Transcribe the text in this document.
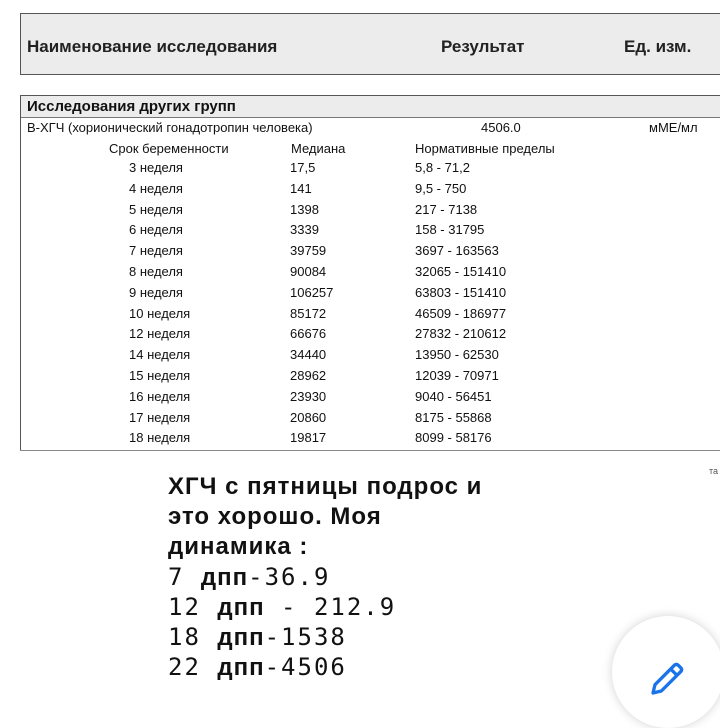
Наименование исследования	Результат	Ед. изм.
Исследования других групп
B-ХГЧ (хорионический гонадотропин человека)	4506.0	мМЕ/мл
Срок беременности	Медиана	Нормативные пределы
3 неделя	17,5	5,8 - 71,2
4 неделя	141	9,5 - 750
5 неделя	1398	217 - 7138
6 неделя	3339	158 - 31795
7 неделя	39759	3697 - 163563
8 неделя	90084	32065 - 151410
9 неделя	106257	63803 - 151410
10 неделя	85172	46509 - 186977
12 неделя	66676	27832 - 210612
14 неделя	34440	13950 - 62530
15 неделя	28962	12039 - 70971
16 неделя	23930	9040 - 56451
17 неделя	20860	8175 - 55868
18 неделя	19817	8099 - 58176
та
ХГЧ с пятницы подрос и
это хорошо. Моя
динамика :
7 дпп-36.9
12 дпп - 212.9
18 дпп-1538
22 дпп-4506
